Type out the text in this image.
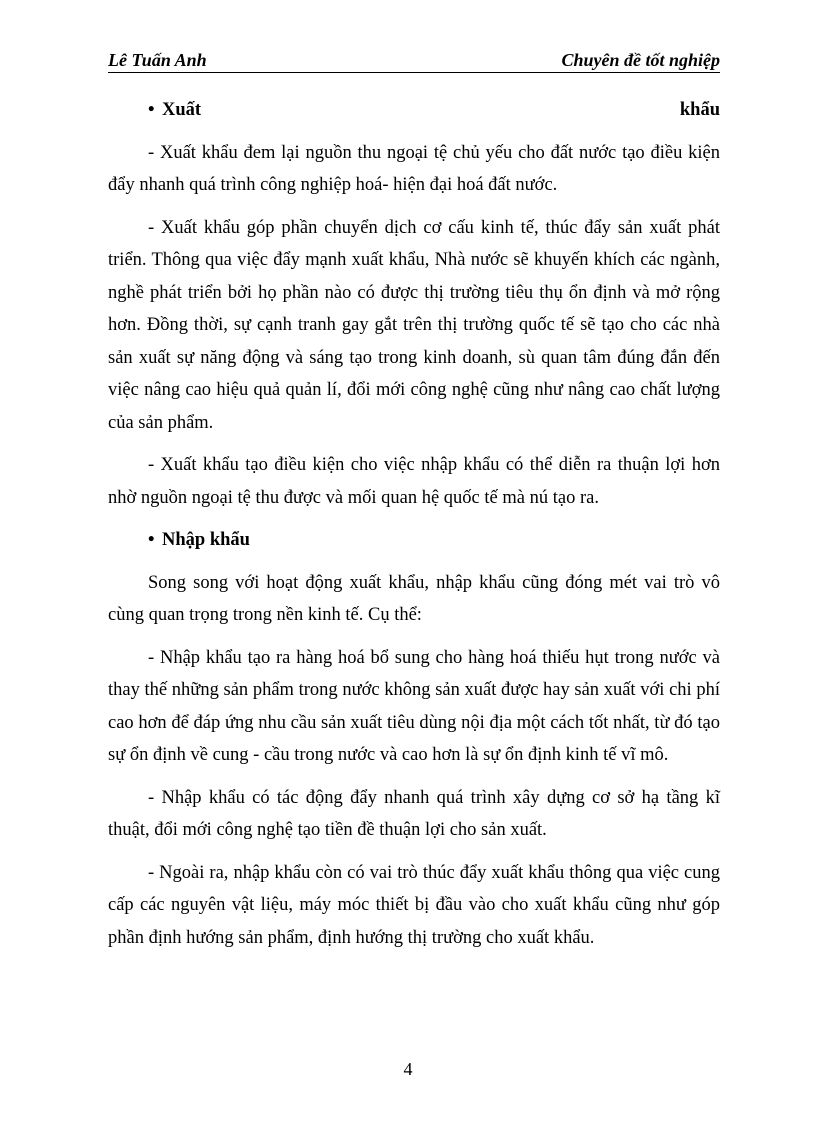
Lê Tuấn Anh	Chuyên đề tốt nghiệp
• Xuất	khẩu

- Xuất khẩu đem lại nguồn thu ngoại tệ chủ yếu cho đất nước tạo điều kiện đẩy nhanh quá trình công nghiệp hoá- hiện đại hoá đất nước.

- Xuất khẩu góp phần chuyển dịch cơ cấu kinh tế, thúc đẩy sản xuất phát triển. Thông qua việc đẩy mạnh xuất khẩu, Nhà nước sẽ khuyến khích các ngành, nghề phát triển bởi họ phần nào có được thị trường tiêu thụ ổn định và mở rộng hơn. Đồng thời, sự cạnh tranh gay gắt trên thị trường quốc tế sẽ tạo cho các nhà sản xuất sự năng động và sáng tạo trong kinh doanh, sù quan tâm đúng đắn đến việc nâng cao hiệu quả quản lí, đổi mới công nghệ cũng như nâng cao chất lượng của sản phẩm.

- Xuất khẩu tạo điều kiện cho việc nhập khẩu có thể diễn ra thuận lợi hơn nhờ nguồn ngoại tệ thu được và mối quan hệ quốc tế mà nú tạo ra.

• Nhập khẩu

Song song với hoạt động xuất khẩu, nhập khẩu cũng đóng mét vai trò vô cùng quan trọng trong nền kinh tế. Cụ thể:

- Nhập khẩu tạo ra hàng hoá bổ sung cho hàng hoá thiếu hụt trong nước và thay thế những sản phẩm trong nước không sản xuất được hay sản xuất với chi phí cao hơn để đáp ứng nhu cầu sản xuất tiêu dùng nội địa một cách tốt nhất, từ đó tạo sự ổn định về cung - cầu trong nước và cao hơn là sự ổn định kinh tế vĩ mô.

- Nhập khẩu có tác động đẩy nhanh quá trình xây dựng cơ sở hạ tầng kĩ thuật, đổi mới công nghệ tạo tiền đề thuận lợi cho sản xuất.

- Ngoài ra, nhập khẩu còn có vai trò thúc đẩy xuất khẩu thông qua việc cung cấp các nguyên vật liệu, máy móc thiết bị đầu vào cho xuất khẩu cũng như góp phần định hướng sản phẩm, định hướng thị trường cho xuất khẩu.

4
